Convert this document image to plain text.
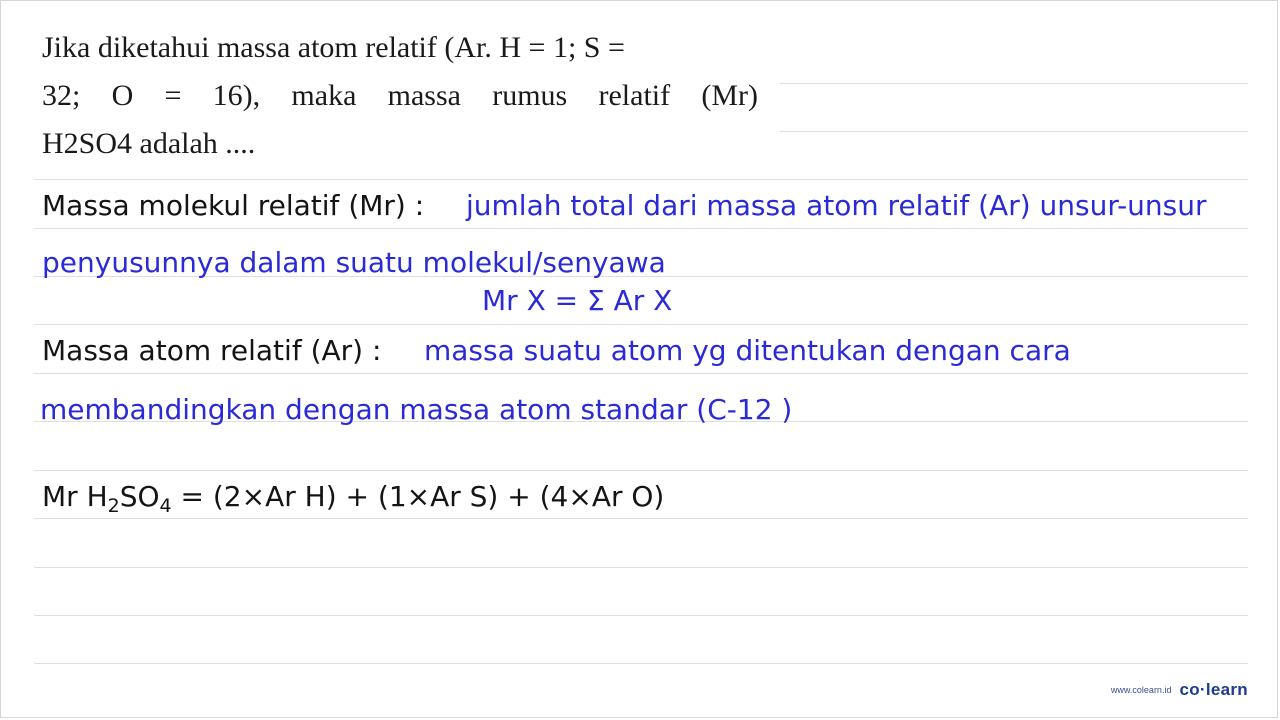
Jika diketahui massa atom relatif (Ar. H = 1; S =
32; O = 16), maka massa rumus relatif (Mr)
H2SO4 adalah ....
Massa molekul relatif (Mr) : jumlah total dari massa atom relatif (Ar) unsur-unsur
penyusunnya dalam suatu molekul/senyawa
Mr X = Σ Ar X
Massa atom relatif (Ar) : massa suatu atom yg ditentukan dengan cara
membandingkan dengan massa atom standar (C-12 )
Mr $H_2SO_4 = (2\times Ar$ H) + (1×Ar S) + (4×Ar O)
www.colearn.id co·learn
